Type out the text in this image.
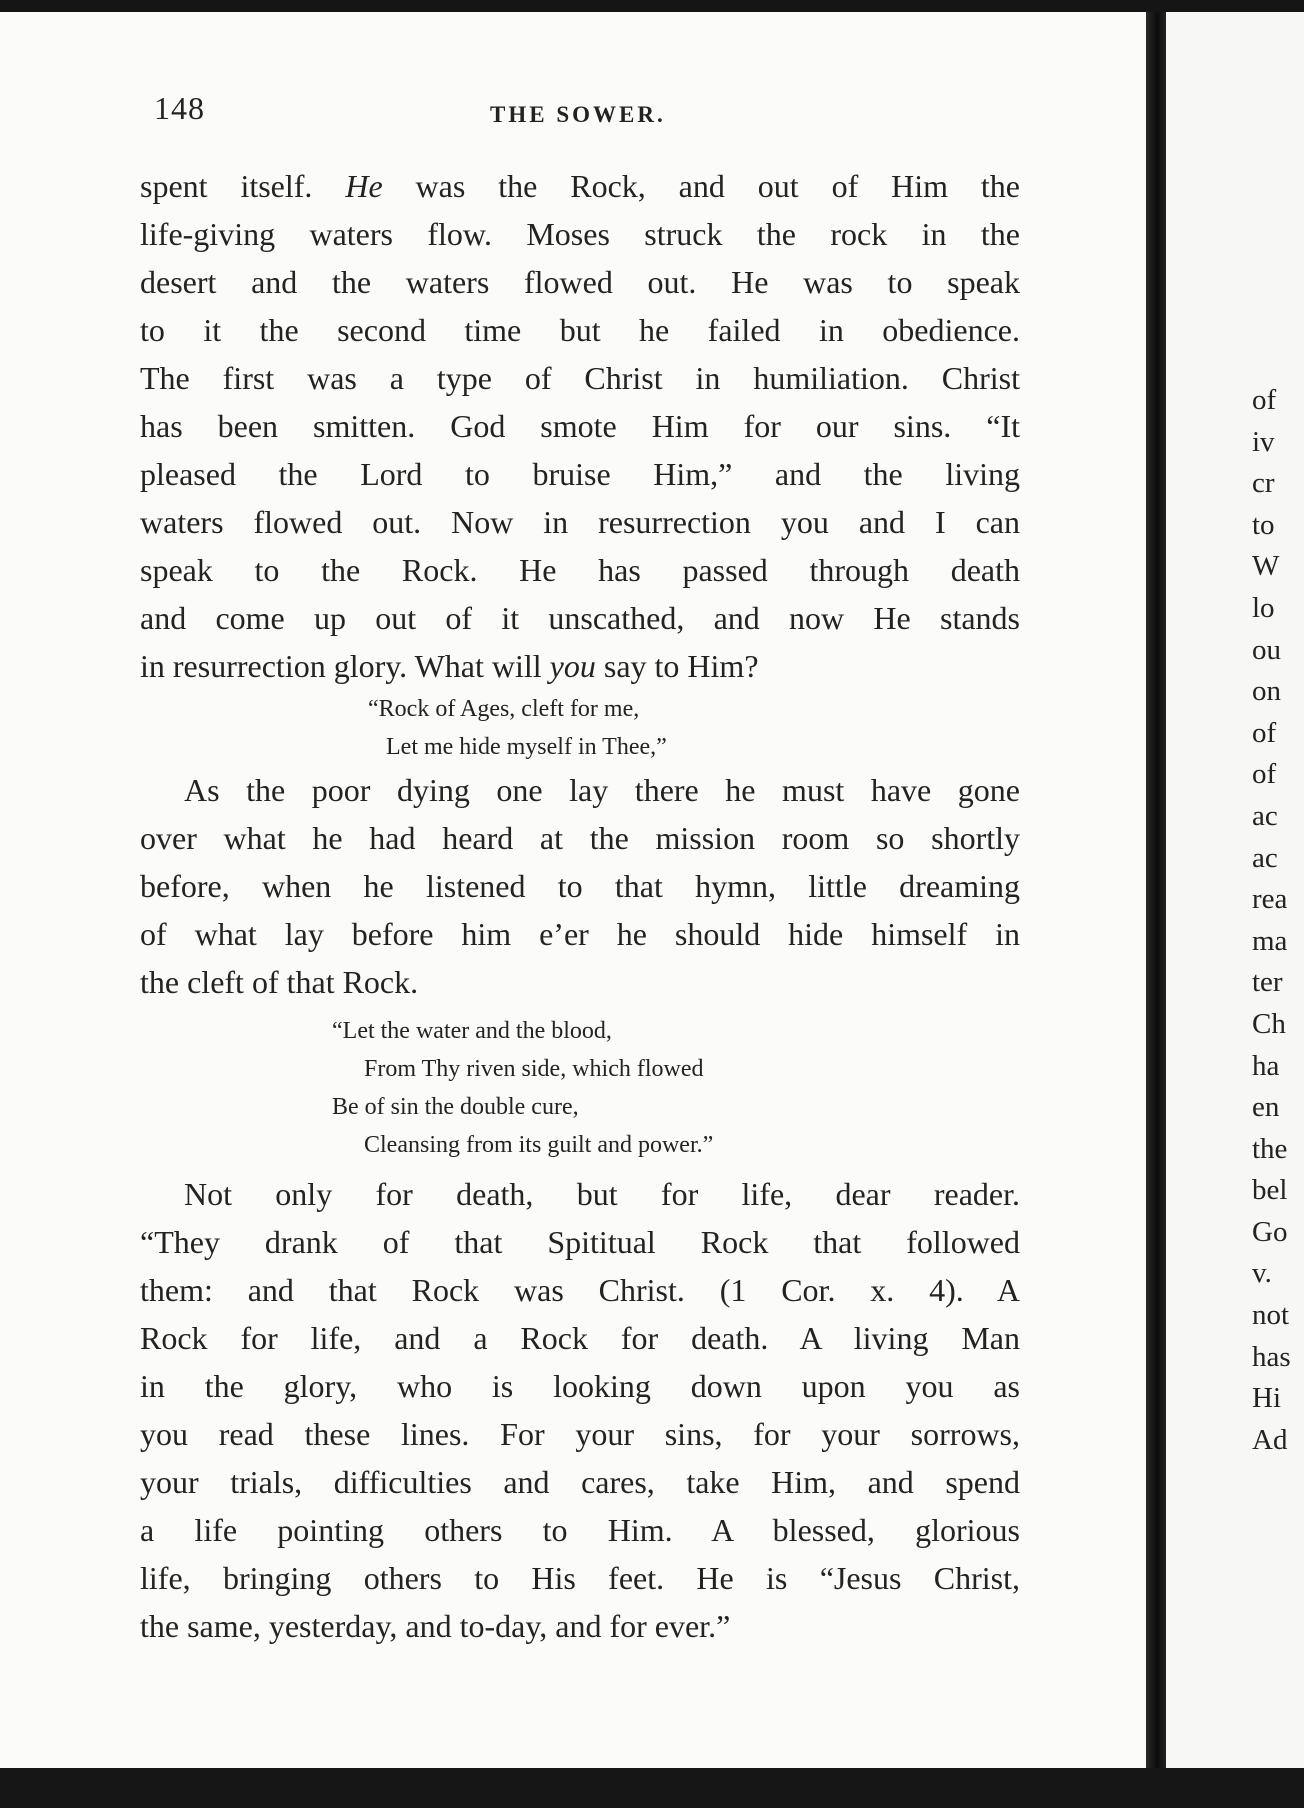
148	THE SOWER.
spent itself. He was the Rock, and out of Him the
life-giving waters flow. Moses struck the rock in the
desert and the waters flowed out. He was to speak
to it the second time but he failed in obedience.
The first was a type of Christ in humiliation. Christ
has been smitten. God smote Him for our sins. “It
pleased the Lord to bruise Him,” and the living
waters flowed out. Now in resurrection you and I can
speak to the Rock. He has passed through death
and come up out of it unscathed, and now He stands
in resurrection glory. What will you say to Him?
“Rock of Ages, cleft for me,
Let me hide myself in Thee,”
As the poor dying one lay there he must have gone
over what he had heard at the mission room so shortly
before, when he listened to that hymn, little dreaming
of what lay before him e’er he should hide himself in
the cleft of that Rock.
“Let the water and the blood,
From Thy riven side, which flowed
Be of sin the double cure,
Cleansing from its guilt and power.”
Not only for death, but for life, dear reader.
“They drank of that Spititual Rock that followed
them: and that Rock was Christ. (1 Cor. x. 4). A
Rock for life, and a Rock for death. A living Man
in the glory, who is looking down upon you as
you read these lines. For your sins, for your sorrows,
your trials, difficulties and cares, take Him, and spend
a life pointing others to Him. A blessed, glorious
life, bringing others to His feet. He is “Jesus Christ,
the same, yesterday, and to-day, and for ever.”
of
iv
cr
to
W
lo
ou
on
of
of
ac
ac
rea
ma
ter
Ch
ha
en
the
bel
Go
v.
not
has
Hi
Ad
